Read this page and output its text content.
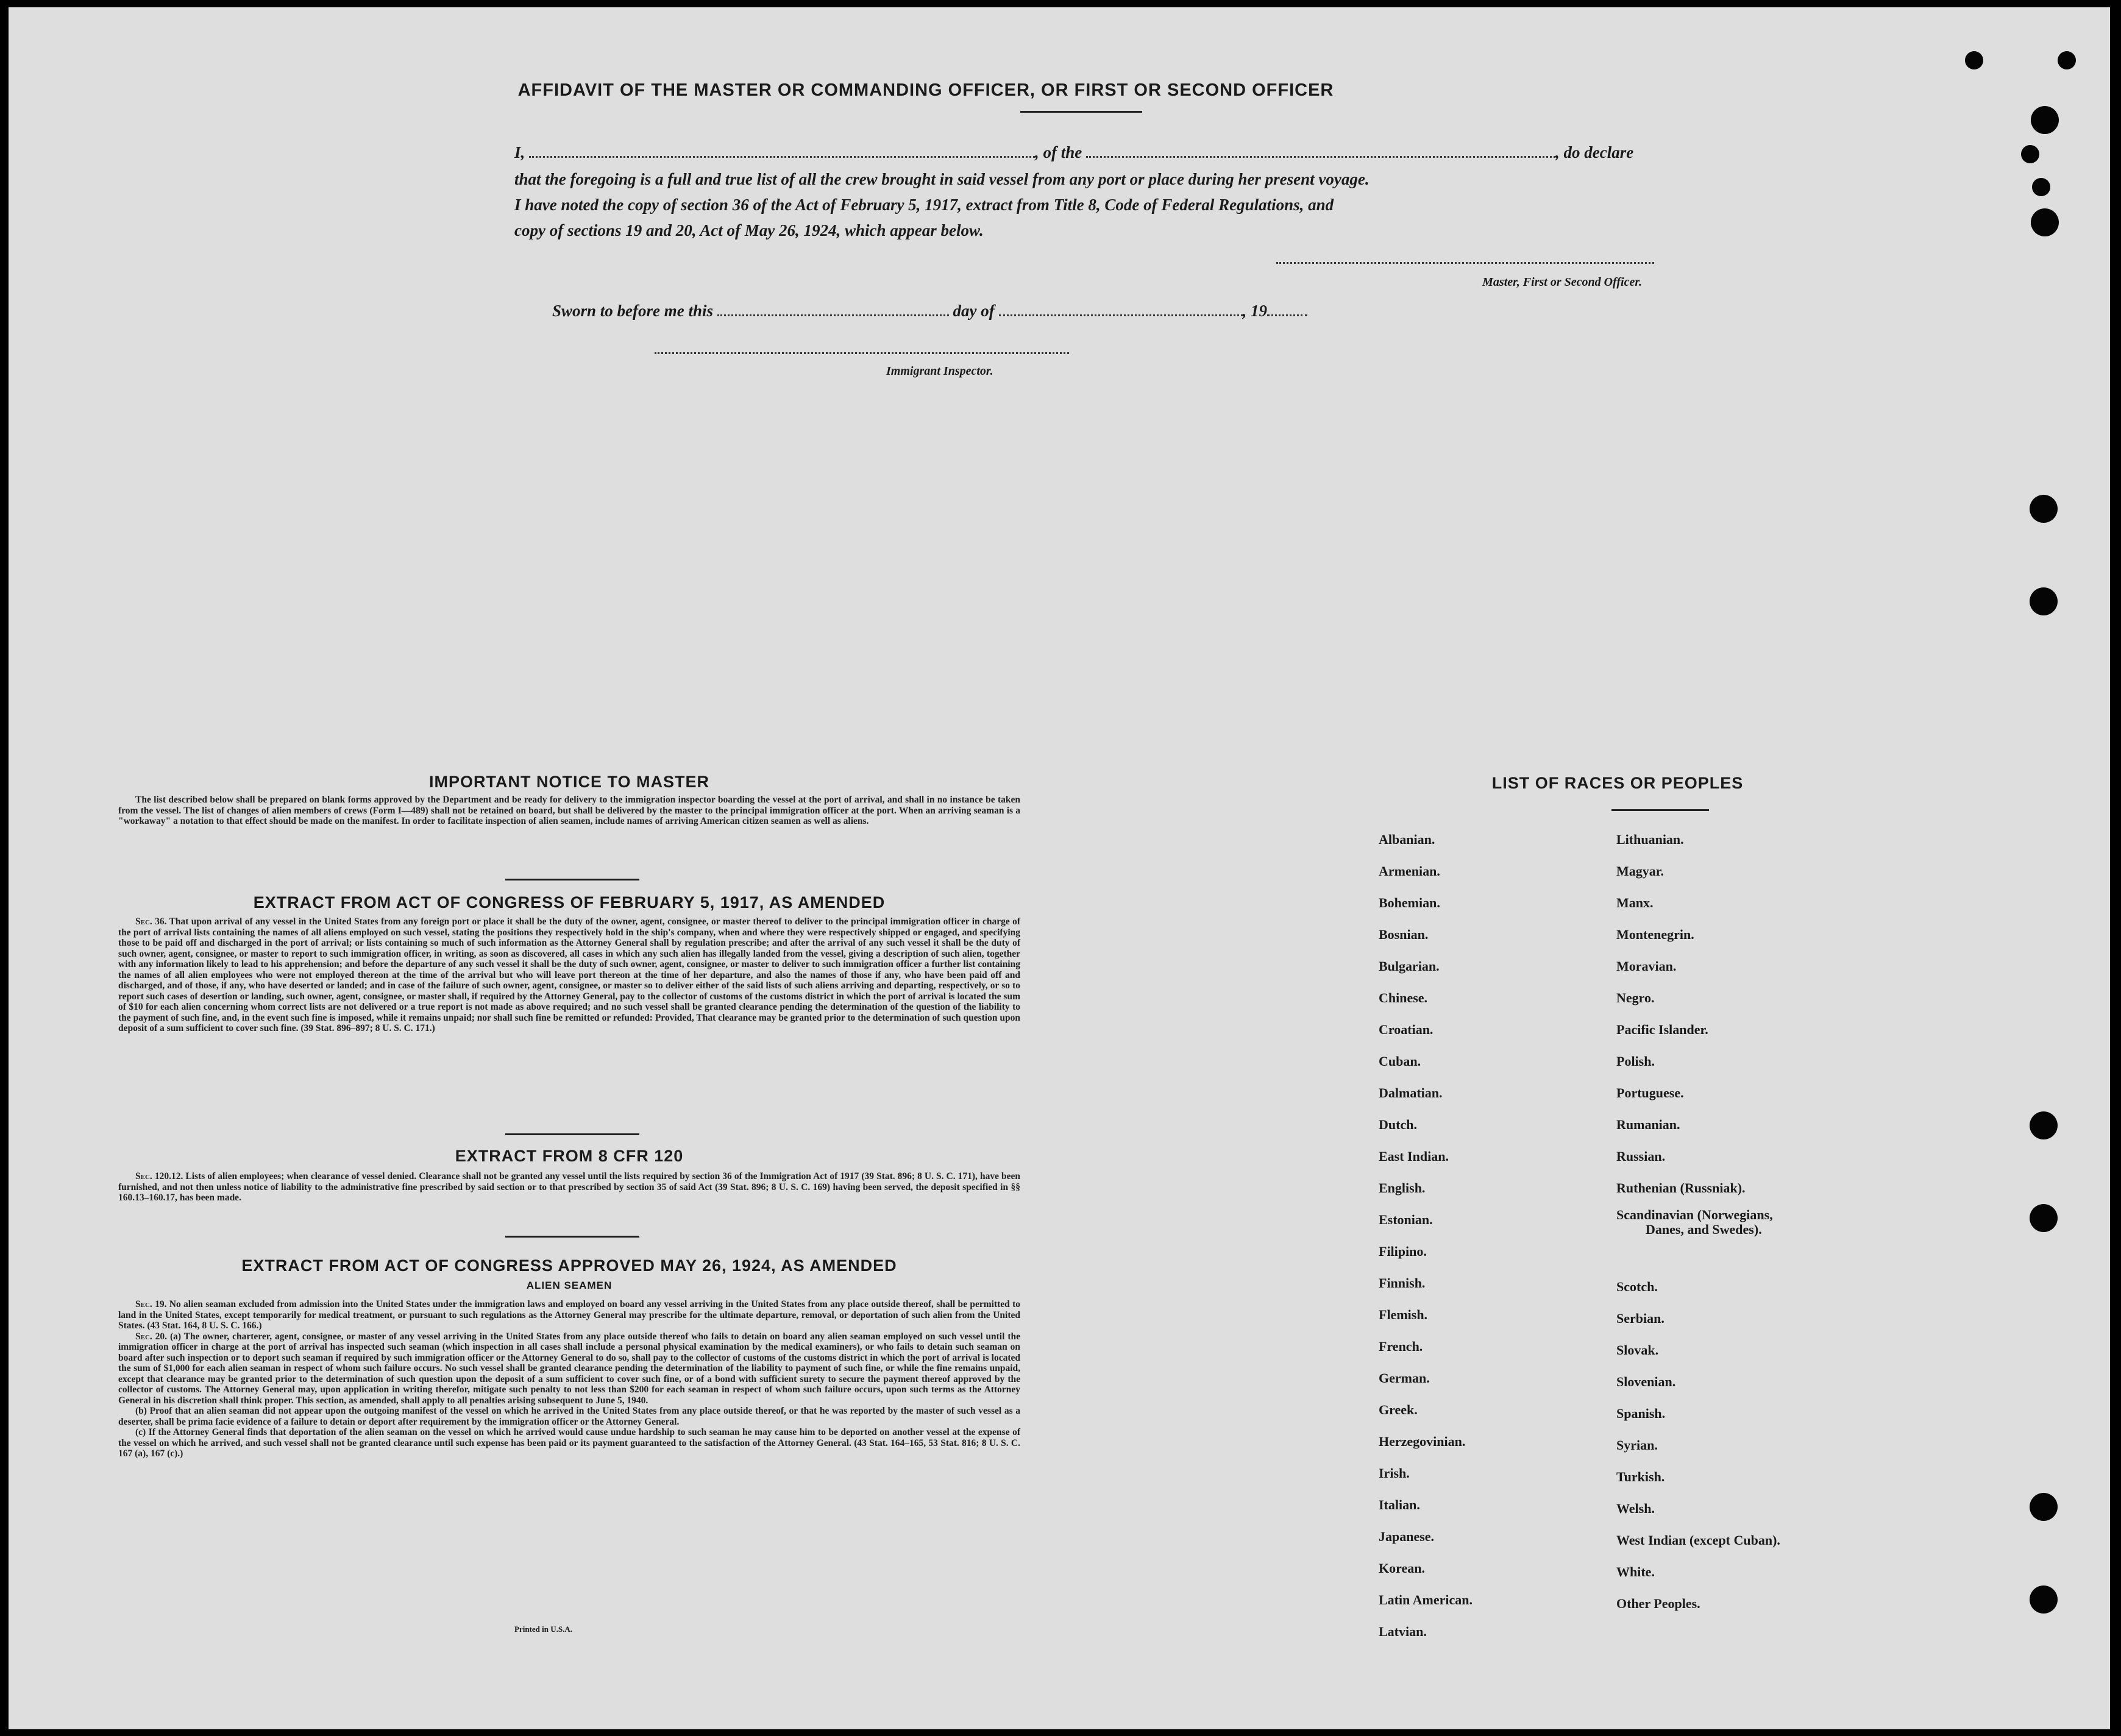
AFFIDAVIT OF THE MASTER OR COMMANDING OFFICER, OR FIRST OR SECOND OFFICER
I,	, of the	, do declare
that the foregoing is a full and true list of all the crew brought in said vessel from any port or place during her present voyage.
I have noted the copy of section 36 of the Act of February 5, 1917, extract from Title 8, Code of Federal Regulations, and
copy of sections 19 and 20, Act of May 26, 1924, which appear below.
Master, First or Second Officer.
Sworn to before me this	day of	, 19
Immigrant Inspector.
IMPORTANT NOTICE TO MASTER

The list described below shall be prepared on blank forms approved by the Department and be ready for delivery to the immigration inspector boarding the vessel at the port of arrival, and shall in no instance be taken from the vessel. The list of changes of alien members of crews (Form I—489) shall not be retained on board, but shall be delivered by the master to the principal immigration officer at the port. When an arriving seaman is a "workaway" a notation to that effect should be made on the manifest. In order to facilitate inspection of alien seamen, include names of arriving American citizen seamen as well as aliens.

EXTRACT FROM ACT OF CONGRESS OF FEBRUARY 5, 1917, AS AMENDED

Sec. 36. That upon arrival of any vessel in the United States from any foreign port or place it shall be the duty of the owner, agent, consignee, or master thereof to deliver to the principal immigration officer in charge of the port of arrival lists containing the names of all aliens employed on such vessel, stating the positions they respectively hold in the ship's company, when and where they were respectively shipped or engaged, and specifying those to be paid off and discharged in the port of arrival; or lists containing so much of such information as the Attorney General shall by regulation prescribe; and after the arrival of any such vessel it shall be the duty of such owner, agent, consignee, or master to report to such immigration officer, in writing, as soon as discovered, all cases in which any such alien has illegally landed from the vessel, giving a description of such alien, together with any information likely to lead to his apprehension; and before the departure of any such vessel it shall be the duty of such owner, agent, consignee, or master to deliver to such immigration officer a further list containing the names of all alien employees who were not employed thereon at the time of the arrival but who will leave port thereon at the time of her departure, and also the names of those if any, who have been paid off and discharged, and of those, if any, who have deserted or landed; and in case of the failure of such owner, agent, consignee, or master so to deliver either of the said lists of such aliens arriving and departing, respectively, or so to report such cases of desertion or landing, such owner, agent, consignee, or master shall, if required by the Attorney General, pay to the collector of customs of the customs district in which the port of arrival is located the sum of $10 for each alien concerning whom correct lists are not delivered or a true report is not made as above required; and no such vessel shall be granted clearance pending the determination of the question of the liability to the payment of such fine, and, in the event such fine is imposed, while it remains unpaid; nor shall such fine be remitted or refunded: Provided, That clearance may be granted prior to the determination of such question upon deposit of a sum sufficient to cover such fine. (39 Stat. 896–897; 8 U. S. C. 171.)

EXTRACT FROM 8 CFR 120

Sec. 120.12. Lists of alien employees; when clearance of vessel denied. Clearance shall not be granted any vessel until the lists required by section 36 of the Immigration Act of 1917 (39 Stat. 896; 8 U. S. C. 171), have been furnished, and not then unless notice of liability to the administrative fine prescribed by said section or to that prescribed by section 35 of said Act (39 Stat. 896; 8 U. S. C. 169) having been served, the deposit specified in §§ 160.13–160.17, has been made.

EXTRACT FROM ACT OF CONGRESS APPROVED MAY 26, 1924, AS AMENDED
ALIEN SEAMEN

Sec. 19. No alien seaman excluded from admission into the United States under the immigration laws and employed on board any vessel arriving in the United States from any place outside thereof, shall be permitted to land in the United States, except temporarily for medical treatment, or pursuant to such regulations as the Attorney General may prescribe for the ultimate departure, removal, or deportation of such alien from the United States. (43 Stat. 164, 8 U. S. C. 166.)

Sec. 20. (a) The owner, charterer, agent, consignee, or master of any vessel arriving in the United States from any place outside thereof who fails to detain on board any alien seaman employed on such vessel until the immigration officer in charge at the port of arrival has inspected such seaman (which inspection in all cases shall include a personal physical examination by the medical examiners), or who fails to detain such seaman on board after such inspection or to deport such seaman if required by such immigration officer or the Attorney General to do so, shall pay to the collector of customs of the customs district in which the port of arrival is located the sum of $1,000 for each alien seaman in respect of whom such failure occurs. No such vessel shall be granted clearance pending the determination of the liability to payment of such fine, or while the fine remains unpaid, except that clearance may be granted prior to the determination of such question upon the deposit of a sum sufficient to cover such fine, or of a bond with sufficient surety to secure the payment thereof approved by the collector of customs. The Attorney General may, upon application in writing therefor, mitigate such penalty to not less than $200 for each seaman in respect of whom such failure occurs, upon such terms as the Attorney General in his discretion shall think proper. This section, as amended, shall apply to all penalties arising subsequent to June 5, 1940.

(b) Proof that an alien seaman did not appear upon the outgoing manifest of the vessel on which he arrived in the United States from any place outside thereof, or that he was reported by the master of such vessel as a deserter, shall be prima facie evidence of a failure to detain or deport after requirement by the immigration officer or the Attorney General.

(c) If the Attorney General finds that deportation of the alien seaman on the vessel on which he arrived would cause undue hardship to such seaman he may cause him to be deported on another vessel at the expense of the vessel on which he arrived, and such vessel shall not be granted clearance until such expense has been paid or its payment guaranteed to the satisfaction of the Attorney General. (43 Stat. 164–165, 53 Stat. 816; 8 U. S. C. 167 (a), 167 (c).)

Printed in U.S.A.
LIST OF RACES OR PEOPLES
Albanian.
Armenian.
Bohemian.
Bosnian.
Bulgarian.
Chinese.
Croatian.
Cuban.
Dalmatian.
Dutch.
East Indian.
English.
Estonian.
Filipino.
Finnish.
Flemish.
French.
German.
Greek.
Herzegovinian.
Irish.
Italian.
Japanese.
Korean.
Latin American.
Latvian.
Lithuanian.
Magyar.
Manx.
Montenegrin.
Moravian.
Negro.
Pacific Islander.
Polish.
Portuguese.
Rumanian.
Russian.
Ruthenian (Russniak).
Scandinavian (Norwegians,
Danes, and Swedes).
Scotch.
Serbian.
Slovak.
Slovenian.
Spanish.
Syrian.
Turkish.
Welsh.
West Indian (except Cuban).
White.
Other Peoples.
